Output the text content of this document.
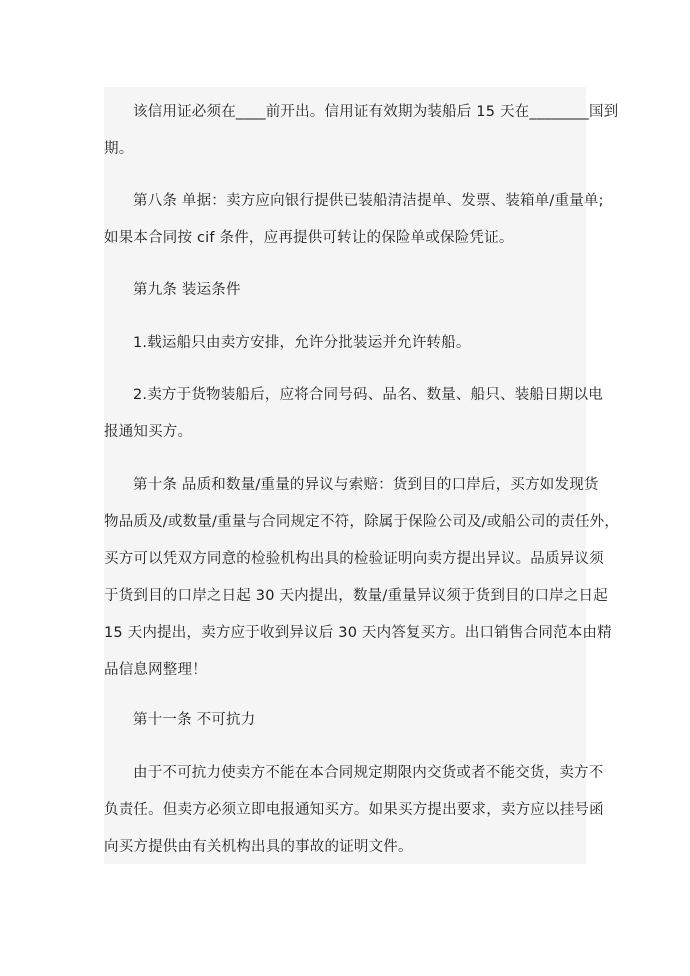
该信用证必须在____前开出。信用证有效期为装船后 15 天在________国到
期。
第八条 单据：卖方应向银行提供已装船清洁提单、发票、装箱单/重量单;
如果本合同按 cif 条件，应再提供可转让的保险单或保险凭证。
第九条 装运条件
1.载运船只由卖方安排，允许分批装运并允许转船。
2.卖方于货物装船后，应将合同号码、品名、数量、船只、装船日期以电
报通知买方。
第十条 品质和数量/重量的异议与索赔：货到目的口岸后，买方如发现货
物品质及/或数量/重量与合同规定不符，除属于保险公司及/或船公司的责任外，
买方可以凭双方同意的检验机构出具的检验证明向卖方提出异议。品质异议须
于货到目的口岸之日起 30 天内提出，数量/重量异议须于货到目的口岸之日起
15 天内提出，卖方应于收到异议后 30 天内答复买方。出口销售合同范本由精
品信息网整理！
第十一条 不可抗力
由于不可抗力使卖方不能在本合同规定期限内交货或者不能交货，卖方不
负责任。但卖方必须立即电报通知买方。如果买方提出要求，卖方应以挂号函
向买方提供由有关机构出具的事故的证明文件。
